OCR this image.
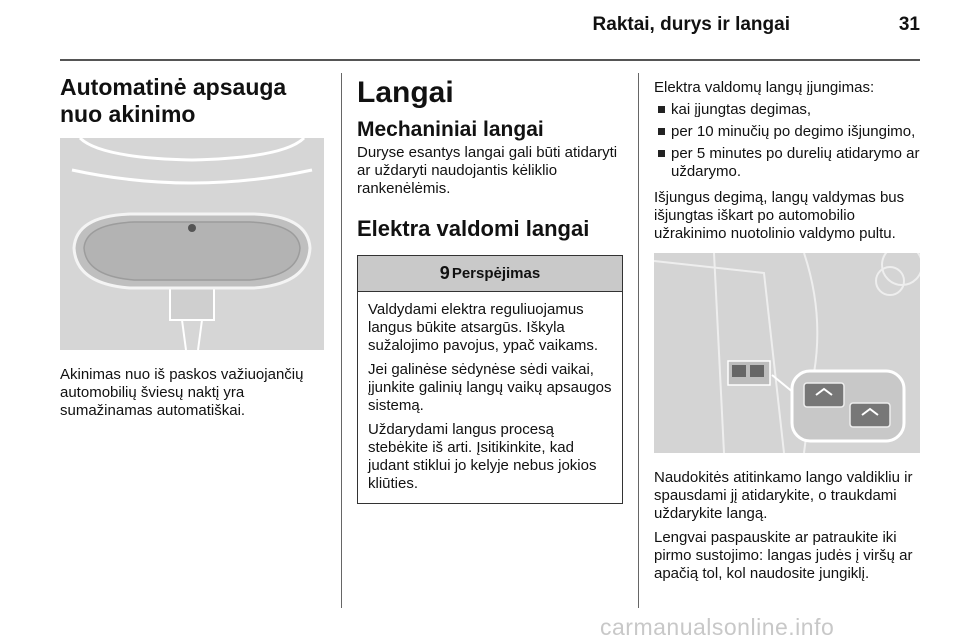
Raktai, durys ir langai	31
Automatinė apsauga nuo akinimo

Akinimas nuo iš paskos važiuojančių automobilių šviesų naktį yra sumažinamas automatiškai.

Langai
Mechaniniai langai

Duryse esantys langai gali būti atidaryti ar uždaryti naudojantis kėliklio rankenėlėmis.

Elektra valdomi langai
9 Perspėjimas

Valdydami elektra reguliuojamus langus būkite atsargūs. Iškyla sužalojimo pavojus, ypač vaikams.

Jei galinėse sėdynėse sėdi vaikai, įjunkite galinių langų vaikų apsaugos sistemą.

Uždarydami langus procesą stebėkite iš arti. Įsitikinkite, kad judant stiklui jo kelyje nebus jokios kliūties.

Elektra valdomų langų įjungimas:

kai įjungtas degimas,
per 10 minučių po degimo išjungimo,
per 5 minutes po durelių atidarymo ar uždarymo.

Išjungus degimą, langų valdymas bus išjungtas iškart po automobilio užrakinimo nuotolinio valdymo pultu.

Naudokitės atitinkamo lango valdikliu ir spausdami jį atidarykite, o traukdami uždarykite langą.

Lengvai paspauskite ar patraukite iki pirmo sustojimo: langas judės į viršų ar apačią tol, kol naudosite jungiklį.

carmanualsonline.info
